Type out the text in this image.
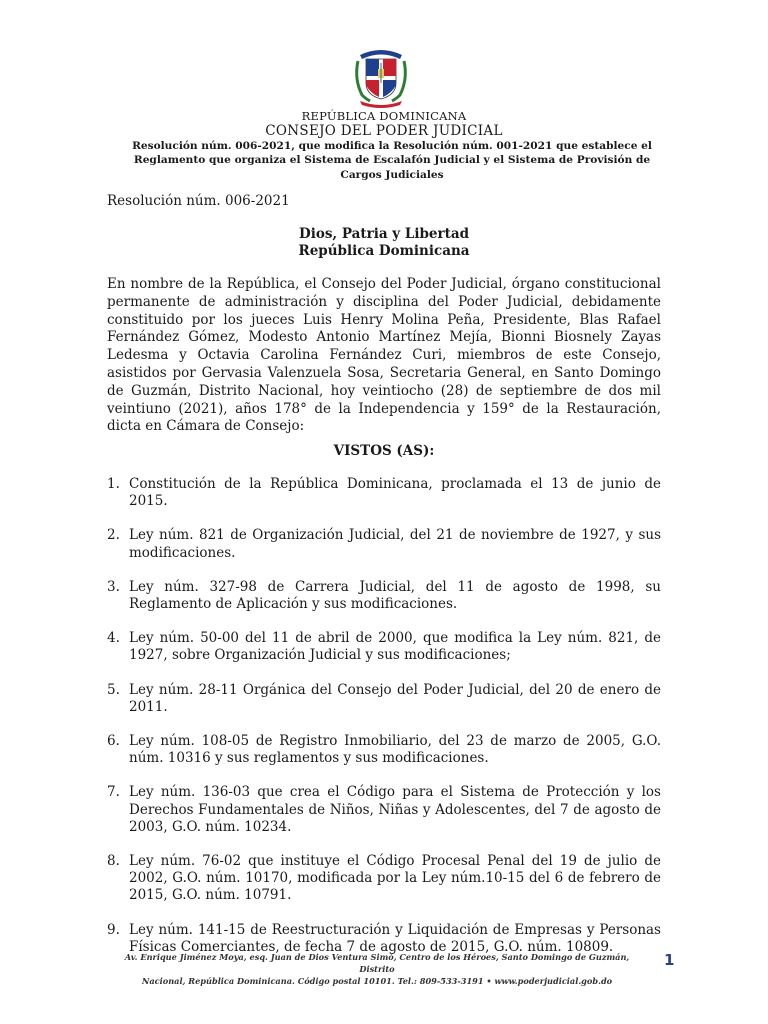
REPÚBLICA DOMINICANA
CONSEJO DEL PODER JUDICIAL
Resolución núm. 006-2021, que modifica la Resolución núm. 001-2021 que establece el
Reglamento que organiza el Sistema de Escalafón Judicial y el Sistema de Provisión de
Cargos Judiciales
Resolución núm. 006-2021
Dios, Patria y Libertad
República Dominicana
En nombre de la República, el Consejo del Poder Judicial, órgano constitucional permanente de administración y disciplina del Poder Judicial, debidamente constituido por los jueces Luis Henry Molina Peña, Presidente, Blas Rafael Fernández Gómez, Modesto Antonio Martínez Mejía, Bionni Biosnely Zayas Ledesma y Octavia Carolina Fernández Curi, miembros de este Consejo, asistidos por Gervasia Valenzuela Sosa, Secretaria General, en Santo Domingo de Guzmán, Distrito Nacional, hoy veintiocho (28) de septiembre de dos mil veintiuno (2021), años 178° de la Independencia y 159° de la Restauración, dicta en Cámara de Consejo:
VISTOS (AS):
1. Constitución de la República Dominicana, proclamada el 13 de junio de 2015.
2. Ley núm. 821 de Organización Judicial, del 21 de noviembre de 1927, y sus modificaciones.
3. Ley núm. 327-98 de Carrera Judicial, del 11 de agosto de 1998, su Reglamento de Aplicación y sus modificaciones.
4. Ley núm. 50-00 del 11 de abril de 2000, que modifica la Ley núm. 821, de 1927, sobre Organización Judicial y sus modificaciones;
5. Ley núm. 28-11 Orgánica del Consejo del Poder Judicial, del 20 de enero de 2011.
6. Ley núm. 108-05 de Registro Inmobiliario, del 23 de marzo de 2005, G.O. núm. 10316 y sus reglamentos y sus modificaciones.
7. Ley núm. 136-03 que crea el Código para el Sistema de Protección y los Derechos Fundamentales de Niños, Niñas y Adolescentes, del 7 de agosto de 2003, G.O. núm. 10234.
8. Ley núm. 76-02 que instituye el Código Procesal Penal del 19 de julio de 2002, G.O. núm. 10170, modificada por la Ley núm.10-15 del 6 de febrero de 2015, G.O. núm. 10791.
9. Ley núm. 141-15 de Reestructuración y Liquidación de Empresas y Personas Físicas Comerciantes, de fecha 7 de agosto de 2015, G.O. núm. 10809.
Av. Enrique Jiménez Moya, esq. Juan de Dios Ventura Simó, Centro de los Héroes, Santo Domingo de Guzmán, Distrito
Nacional, República Dominicana. Código postal 10101. Tel.: 809-533-3191 • www.poderjudicial.gob.do
1
